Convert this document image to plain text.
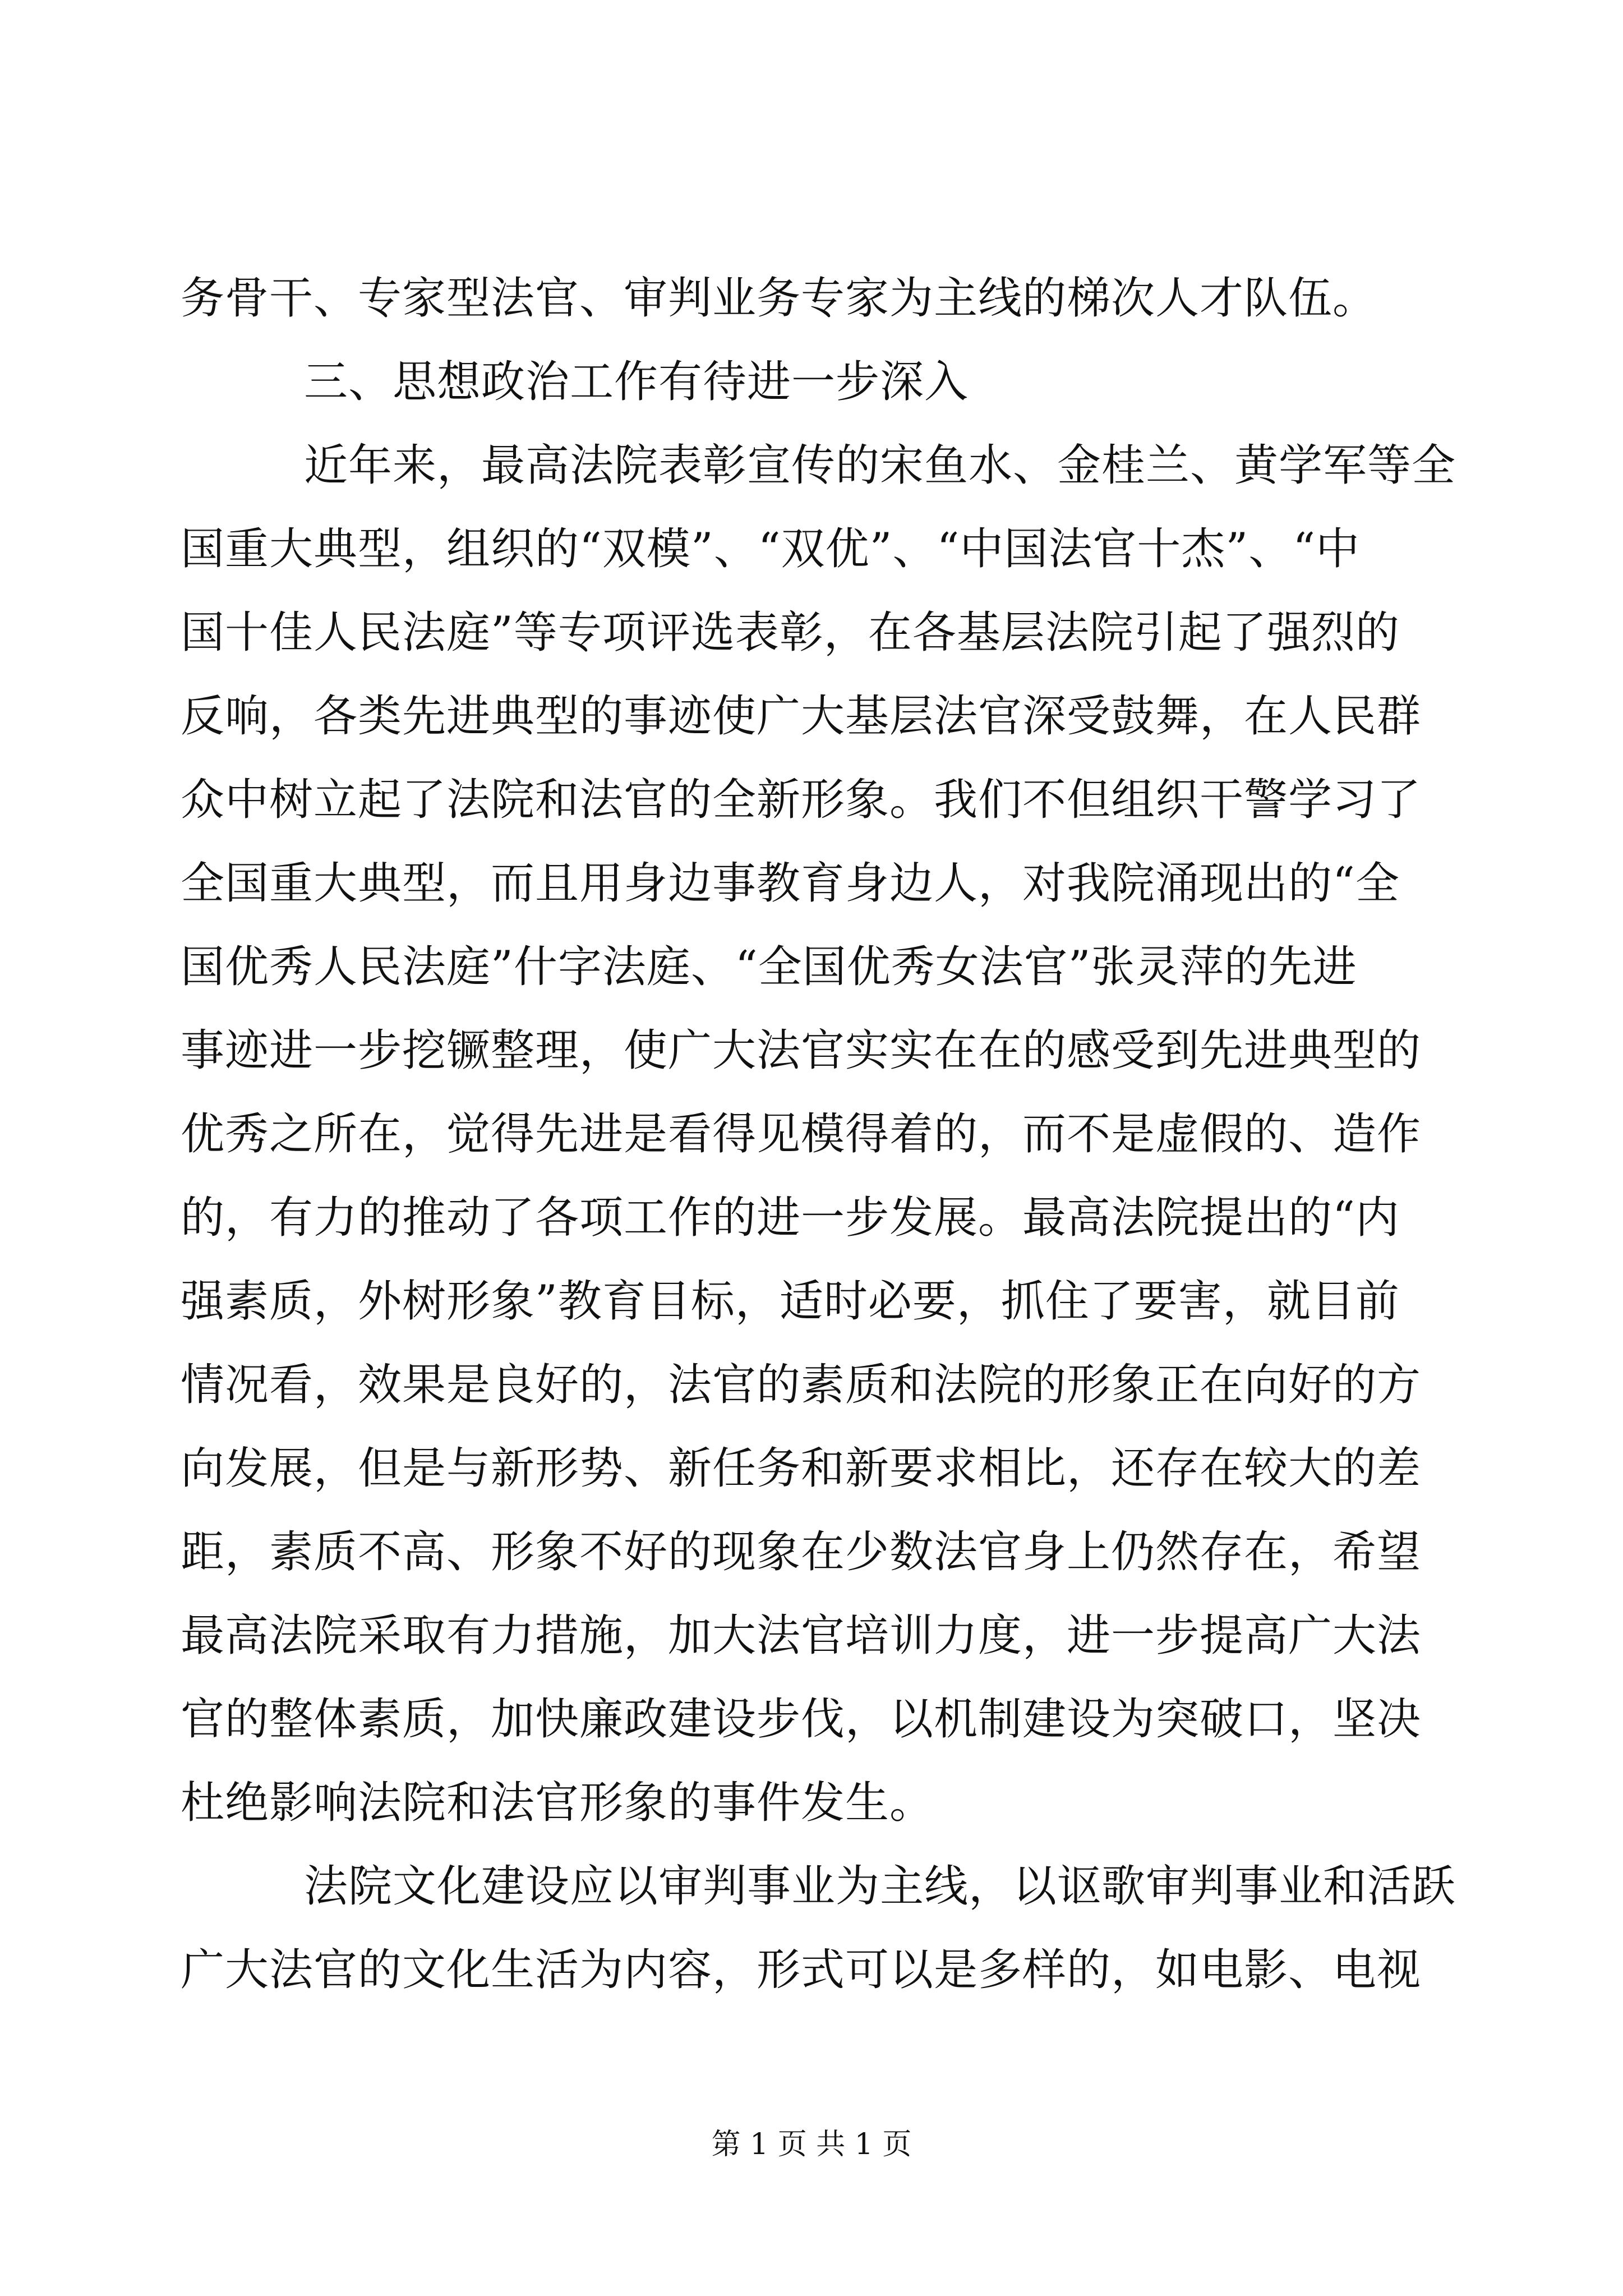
务骨干、专家型法官、审判业务专家为主线的梯次人才队伍。
三、思想政治工作有待进一步深入
近年来，最高法院表彰宣传的宋鱼水、金桂兰、黄学军等全
国重大典型，组织的“双模”、“双优”、“中国法官十杰”、“中
国十佳人民法庭”等专项评选表彰，在各基层法院引起了强烈的
反响，各类先进典型的事迹使广大基层法官深受鼓舞，在人民群
众中树立起了法院和法官的全新形象。我们不但组织干警学习了
全国重大典型，而且用身边事教育身边人，对我院涌现出的“全
国优秀人民法庭”什字法庭、“全国优秀女法官”张灵萍的先进
事迹进一步挖镢整理，使广大法官实实在在的感受到先进典型的
优秀之所在，觉得先进是看得见模得着的，而不是虚假的、造作
的，有力的推动了各项工作的进一步发展。最高法院提出的“内
强素质，外树形象”教育目标，适时必要，抓住了要害，就目前
情况看，效果是良好的，法官的素质和法院的形象正在向好的方
向发展，但是与新形势、新任务和新要求相比，还存在较大的差
距，素质不高、形象不好的现象在少数法官身上仍然存在，希望
最高法院采取有力措施，加大法官培训力度，进一步提高广大法
官的整体素质，加快廉政建设步伐，以机制建设为突破口，坚决
杜绝影响法院和法官形象的事件发生。
法院文化建设应以审判事业为主线，以讴歌审判事业和活跃
广大法官的文化生活为内容，形式可以是多样的，如电影、电视
第 1 页 共 1 页
